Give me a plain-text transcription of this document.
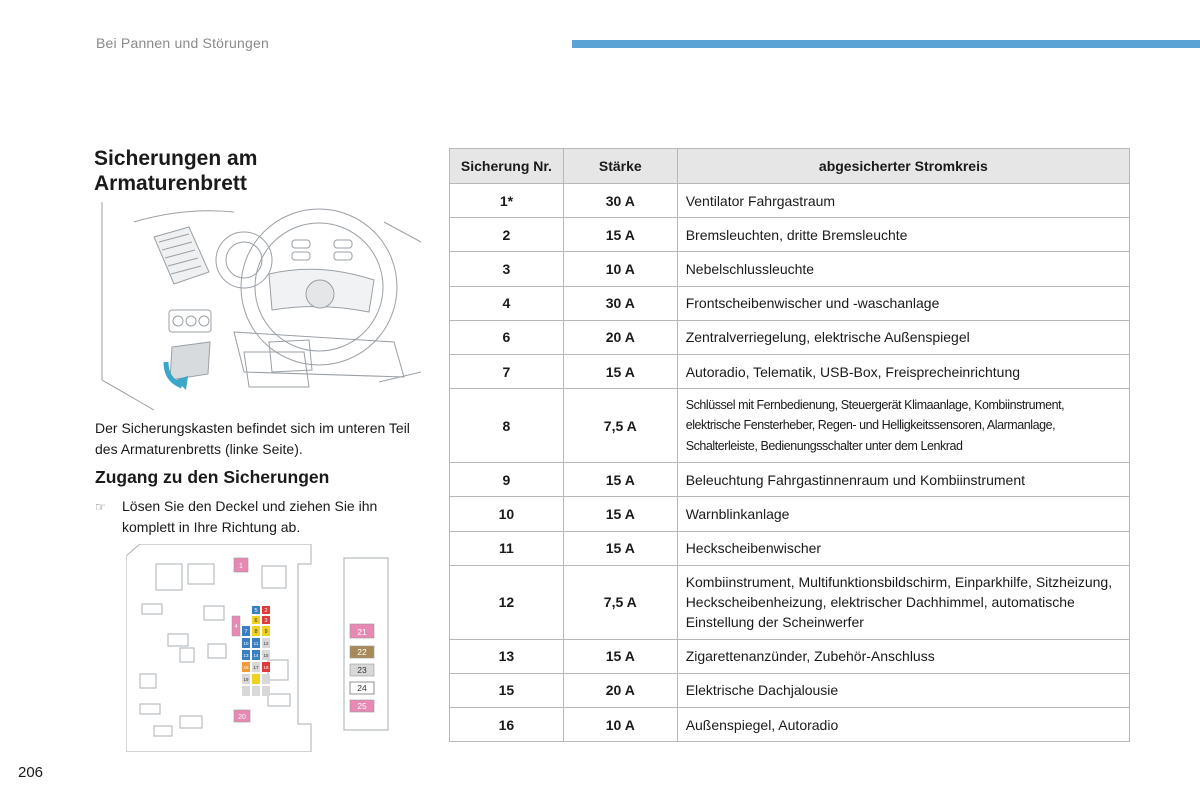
Bei Pannen und Störungen
Sicherungen am Armaturenbrett
Der Sicherungskasten befindet sich im unteren Teil des Armaturenbretts (linke Seite).
Zugang zu den Sicherungen
☞	Lösen Sie den Deckel und ziehen Sie ihn komplett in Ihre Richtung ab.
1
4
5 2
6 3
7 8 9
10 11 12
13 14 15
16 17 18
19
20
21
22
23
24
25
Sicherung Nr.	Stärke	abgesicherter Stromkreis
1*	30 A	Ventilator Fahrgastraum
2	15 A	Bremsleuchten, dritte Bremsleuchte
3	10 A	Nebelschlussleuchte
4	30 A	Frontscheibenwischer und -waschanlage
6	20 A	Zentralverriegelung, elektrische Außenspiegel
7	15 A	Autoradio, Telematik, USB-Box, Freisprecheinrichtung
8	7,5 A	Schlüssel mit Fernbedienung, Steuergerät Klimaanlage, Kombiinstrument, elektrische Fensterheber, Regen- und Helligkeitssensoren, Alarmanlage, Schalterleiste, Bedienungsschalter unter dem Lenkrad
9	15 A	Beleuchtung Fahrgastinnenraum und Kombiinstrument
10	15 A	Warnblinkanlage
11	15 A	Heckscheibenwischer
12	7,5 A	Kombiinstrument, Multifunktionsbildschirm, Einparkhilfe, Sitzheizung, Heckscheibenheizung, elektrischer Dachhimmel, automatische Einstellung der Scheinwerfer
13	15 A	Zigarettenanzünder, Zubehör-Anschluss
15	20 A	Elektrische Dachjalousie
16	10 A	Außenspiegel, Autoradio
206
